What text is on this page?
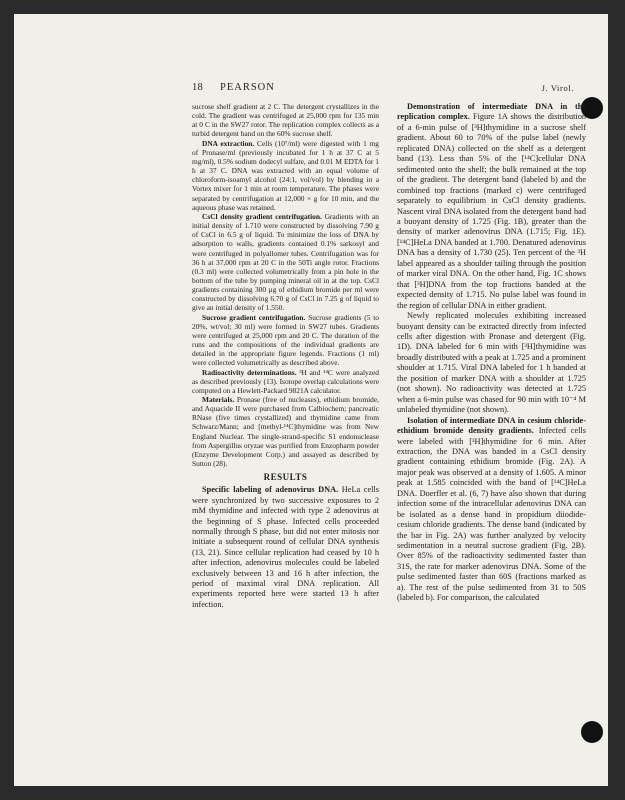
18 PEARSON	J. Virol.

sucrose shelf gradient at 2 C. The detergent crystallizes in the cold. The gradient was centrifuged at 25,000 rpm for 135 min at 0 C in the SW27 rotor. The replication complex collects as a turbid detergent band on the 60% sucrose shelf.

DNA extraction. Cells (10⁷/ml) were digested with 1 mg of Pronase/ml (previously incubated for 1 h at 37 C at 5 mg/ml), 0.5% sodium dodecyl sulfate, and 0.01 M EDTA for 1 h at 37 C. DNA was extracted with an equal volume of chloroform-isoamyl alcohol (24:1, vol/vol) by blending in a Vortex mixer for 1 min at room temperature. The phases were separated by centrifugation at 12,000 × g for 10 min, and the aqueous phase was retained.

CsCl density gradient centrifugation. Gradients with an initial density of 1.710 were constructed by dissolving 7.90 g of CsCl in 6.5 g of liquid. To minimize the loss of DNA by adsorption to walls, gradients contained 0.1% sarkosyl and were centrifuged in polyallomer tubes. Centrifugation was for 36 h at 37,000 rpm at 20 C in the 50Ti angle rotor. Fractions (0.3 ml) were collected volumetrically from a pin hole in the bottom of the tube by pumping mineral oil in at the top. CsCl gradients containing 300 µg of ethidium bromide per ml were constructed by dissolving 6.70 g of CsCl in 7.25 g of liquid to give an initial density of 1.550.

Sucrose gradient centrifugation. Sucrose gradients (5 to 20%, wt/vol; 30 ml) were formed in SW27 tubes. Gradients were centrifuged at 25,000 rpm and 20 C. The duration of the runs and the compositions of the individual gradients are detailed in the appropriate figure legends. Fractions (1 ml) were collected volumetrically as described above.

Radioactivity determinations. ³H and ¹⁴C were analyzed as described previously (13). Isotope overlap calculations were computed on a Hewlett-Packard 9821A calculator.

Materials. Pronase (free of nucleases), ethidium bromide, and Aquacide II were purchased from Calbiochem; pancreatic RNase (five times crystallized) and thymidine came from Schwarz/Mann; and [methyl-¹⁴C]thymidine was from New England Nuclear. The single-strand-specific S1 endonuclease from Aspergillus oryzae was purified from Enzopharm powder (Enzyme Development Corp.) and assayed as described by Sutton (28).

RESULTS

Specific labeling of adenovirus DNA. HeLa cells were synchronized by two successive exposures to 2 mM thymidine and infected with type 2 adenovirus at the beginning of S phase. Infected cells proceeded normally through S phase, but did not enter mitosis nor initiate a subsequent round of cellular DNA synthesis (13, 21). Since cellular replication had ceased by 10 h after infection, adenovirus molecules could be labeled exclusively between 13 and 16 h after infection, the period of maximal viral DNA replication. All experiments reported here were started 13 h after infection.

Demonstration of intermediate DNA in the replication complex. Figure 1A shows the distribution of a 6-min pulse of [³H]thymidine in a sucrose shelf gradient. About 60 to 70% of the pulse label (newly replicated DNA) collected on the shelf as a detergent band (13). Less than 5% of the [¹⁴C]cellular DNA sedimented onto the shelf; the bulk remained at the top of the gradient. The detergent band (labeled b) and the combined top fractions (marked c) were centrifuged separately to equilibrium in CsCl density gradients. Nascent viral DNA isolated from the detergent band had a buoyant density of 1.725 (Fig. 1B), greater than the density of marker adenovirus DNA (1.715; Fig. 1E). [¹⁴C]HeLa DNA banded at 1.700. Denatured adenovirus DNA has a density of 1.730 (25). Ten percent of the ³H label appeared as a shoulder tailing through the position of marker viral DNA. On the other hand, Fig. 1C shows that [³H]DNA from the top fractions banded at the expected density of 1.715. No pulse label was found in the region of cellular DNA in either gradient.

Newly replicated molecules exhibiting increased buoyant density can be extracted directly from infected cells after digestion with Pronase and detergent (Fig. 1D). DNA labeled for 6 min with [³H]thymidine was broadly distributed with a peak at 1.725 and a prominent shoulder at 1.715. Viral DNA labeled for 1 h banded at the position of marker DNA with a shoulder at 1.725 (not shown). No radioactivity was detected at 1.725 when a 6-min pulse was chased for 90 min with 10⁻⁴ M unlabeled thymidine (not shown).

Isolation of intermediate DNA in cesium chloride-ethidium bromide density gradients. Infected cells were labeled with [³H]thymidine for 6 min. After extraction, the DNA was banded in a CsCl density gradient containing ethidium bromide (Fig. 2A). A major peak was observed at a density of 1.605. A minor peak at 1.585 coincided with the band of [¹⁴C]HeLa DNA. Doerfler et al. (6, 7) have also shown that during infection some of the intracellular adenovirus DNA can be isolated as a dense band in propidium diiodide-cesium chloride gradients. The dense band (indicated by the bar in Fig. 2A) was further analyzed by velocity sedimentation in a neutral sucrose gradient (Fig. 2B). Over 85% of the radioactivity sedimented faster than 31S, the rate for marker adenovirus DNA. Some of the pulse sedimented faster than 60S (fractions marked as a). The rest of the pulse sedimented from 31 to 50S (labeled b). For comparison, the calculated
